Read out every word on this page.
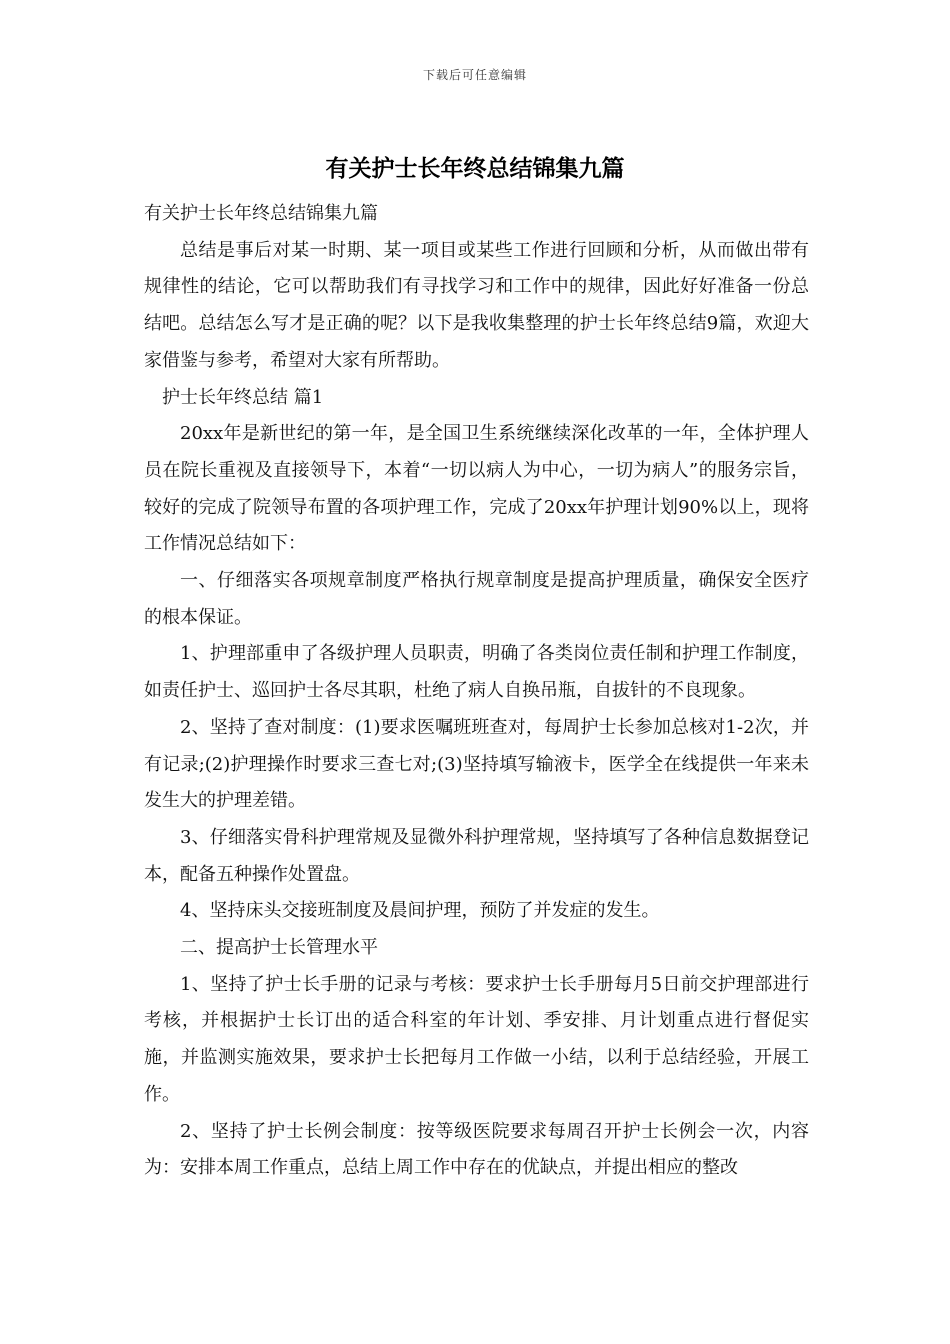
下载后可任意编辑
有关护士长年终总结锦集九篇

有关护士长年终总结锦集九篇

总结是事后对某一时期、某一项目或某些工作进行回顾和分析，从而做出带有规律性的结论，它可以帮助我们有寻找学习和工作中的规律，因此好好准备一份总结吧。总结怎么写才是正确的呢？以下是我收集整理的护士长年终总结9篇，欢迎大家借鉴与参考，希望对大家有所帮助。

护士长年终总结 篇1

20xx年是新世纪的第一年，是全国卫生系统继续深化改革的一年，全体护理人员在院长重视及直接领导下，本着“一切以病人为中心，一切为病人”的服务宗旨，较好的完成了院领导布置的各项护理工作，完成了20xx年护理计划90%以上，现将工作情况总结如下：

一、仔细落实各项规章制度严格执行规章制度是提高护理质量，确保安全医疗的根本保证。

1、护理部重申了各级护理人员职责，明确了各类岗位责任制和护理工作制度，如责任护士、巡回护士各尽其职，杜绝了病人自换吊瓶，自拔针的不良现象。

2、坚持了查对制度：(1)要求医嘱班班查对，每周护士长参加总核对1-2次，并有记录;(2)护理操作时要求三查七对;(3)坚持填写输液卡，医学全在线提供一年来未发生大的护理差错。

3、仔细落实骨科护理常规及显微外科护理常规，坚持填写了各种信息数据登记本，配备五种操作处置盘。

4、坚持床头交接班制度及晨间护理，预防了并发症的发生。

二、提高护士长管理水平

1、坚持了护士长手册的记录与考核：要求护士长手册每月5日前交护理部进行考核，并根据护士长订出的适合科室的年计划、季安排、月计划重点进行督促实施，并监测实施效果，要求护士长把每月工作做一小结，以利于总结经验，开展工作。

2、坚持了护士长例会制度：按等级医院要求每周召开护士长例会一次，内容为：安排本周工作重点，总结上周工作中存在的优缺点，并提出相应的整改
